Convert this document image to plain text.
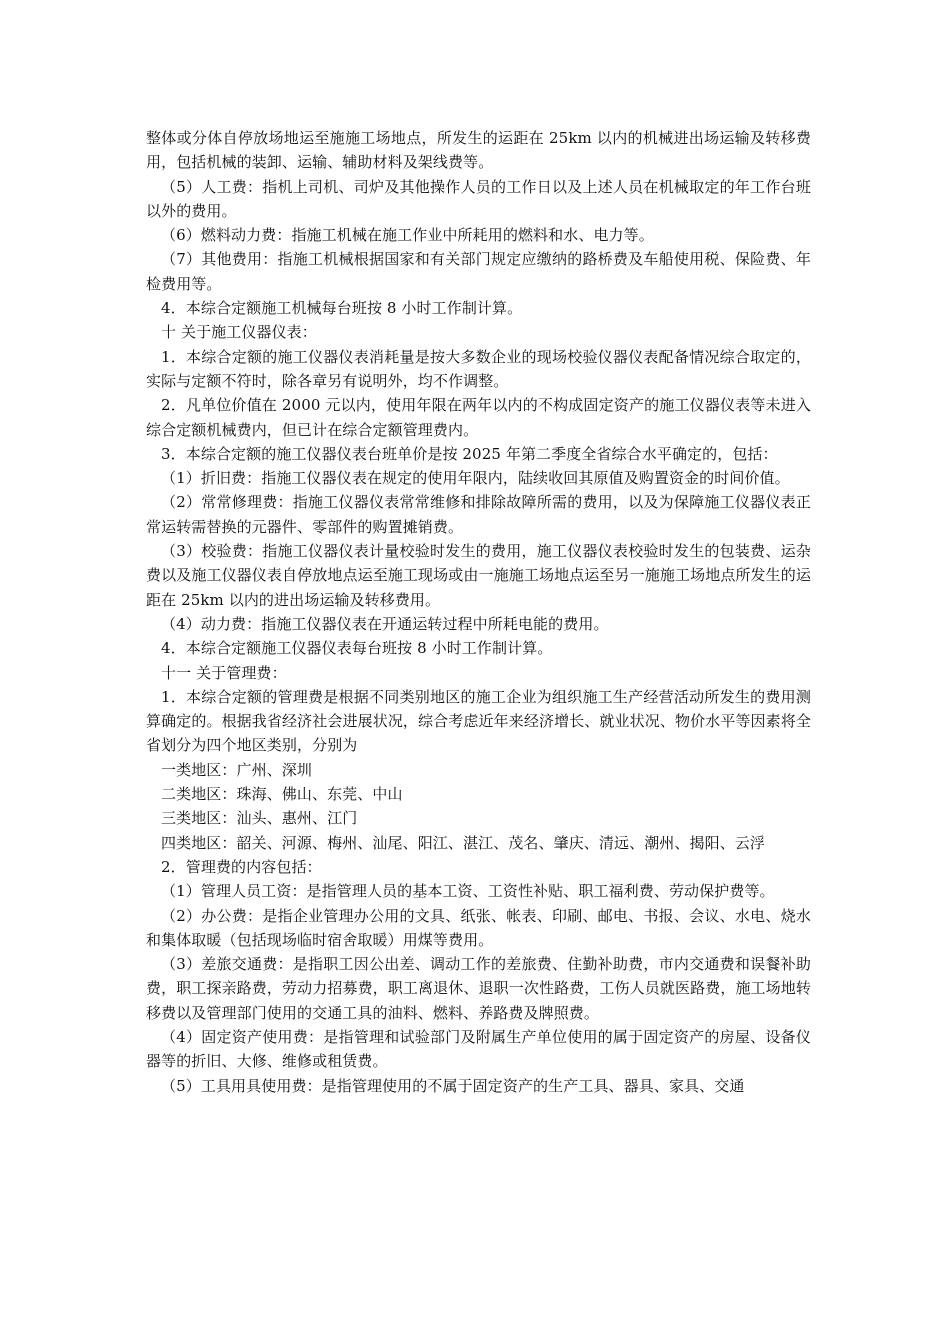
整体或分体自停放场地运至施施工场地点，所发生的运距在 25km 以内的机械进出场运输及转移费用，包括机械的装卸、运输、辅助材料及架线费等。

（5）人工费：指机上司机、司炉及其他操作人员的工作日以及上述人员在机械取定的年工作台班以外的费用。

（6）燃料动力费：指施工机械在施工作业中所耗用的燃料和水、电力等。

（7）其他费用：指施工机械根据国家和有关部门规定应缴纳的路桥费及车船使用税、保险费、年检费用等。

4．本综合定额施工机械每台班按 8 小时工作制计算。

十 关于施工仪器仪表：

1．本综合定额的施工仪器仪表消耗量是按大多数企业的现场校验仪器仪表配备情况综合取定的，实际与定额不符时，除各章另有说明外，均不作调整。

2．凡单位价值在 2000 元以内，使用年限在两年以内的不构成固定资产的施工仪器仪表等未进入综合定额机械费内，但已计在综合定额管理费内。

3．本综合定额的施工仪器仪表台班单价是按 2025 年第二季度全省综合水平确定的，包括：

（1）折旧费：指施工仪器仪表在规定的使用年限内，陆续收回其原值及购置资金的时间价值。

（2）常常修理费：指施工仪器仪表常常维修和排除故障所需的费用，以及为保障施工仪器仪表正常运转需替换的元器件、零部件的购置摊销费。

（3）校验费：指施工仪器仪表计量校验时发生的费用，施工仪器仪表校验时发生的包装费、运杂费以及施工仪器仪表自停放地点运至施工现场或由一施施工场地点运至另一施施工场地点所发生的运距在 25km 以内的进出场运输及转移费用。

（4）动力费：指施工仪器仪表在开通运转过程中所耗电能的费用。

4．本综合定额施工仪器仪表每台班按 8 小时工作制计算。

十一 关于管理费：

1．本综合定额的管理费是根据不同类别地区的施工企业为组织施工生产经营活动所发生的费用测算确定的。根据我省经济社会进展状况，综合考虑近年来经济增长、就业状况、物价水平等因素将全省划分为四个地区类别，分别为

一类地区：广州、深圳

二类地区：珠海、佛山、东莞、中山

三类地区：汕头、惠州、江门

四类地区：韶关、河源、梅州、汕尾、阳江、湛江、茂名、肇庆、清远、潮州、揭阳、云浮

2．管理费的内容包括：

（1）管理人员工资：是指管理人员的基本工资、工资性补贴、职工福利费、劳动保护费等。

（2）办公费：是指企业管理办公用的文具、纸张、帐表、印刷、邮电、书报、会议、水电、烧水和集体取暖（包括现场临时宿舍取暖）用煤等费用。

（3）差旅交通费：是指职工因公出差、调动工作的差旅费、住勤补助费，市内交通费和误餐补助费，职工探亲路费，劳动力招募费，职工离退休、退职一次性路费，工伤人员就医路费，施工场地转移费以及管理部门使用的交通工具的油料、燃料、养路费及牌照费。

（4）固定资产使用费：是指管理和试验部门及附属生产单位使用的属于固定资产的房屋、设备仪器等的折旧、大修、维修或租赁费。

（5）工具用具使用费：是指管理使用的不属于固定资产的生产工具、器具、家具、交通
